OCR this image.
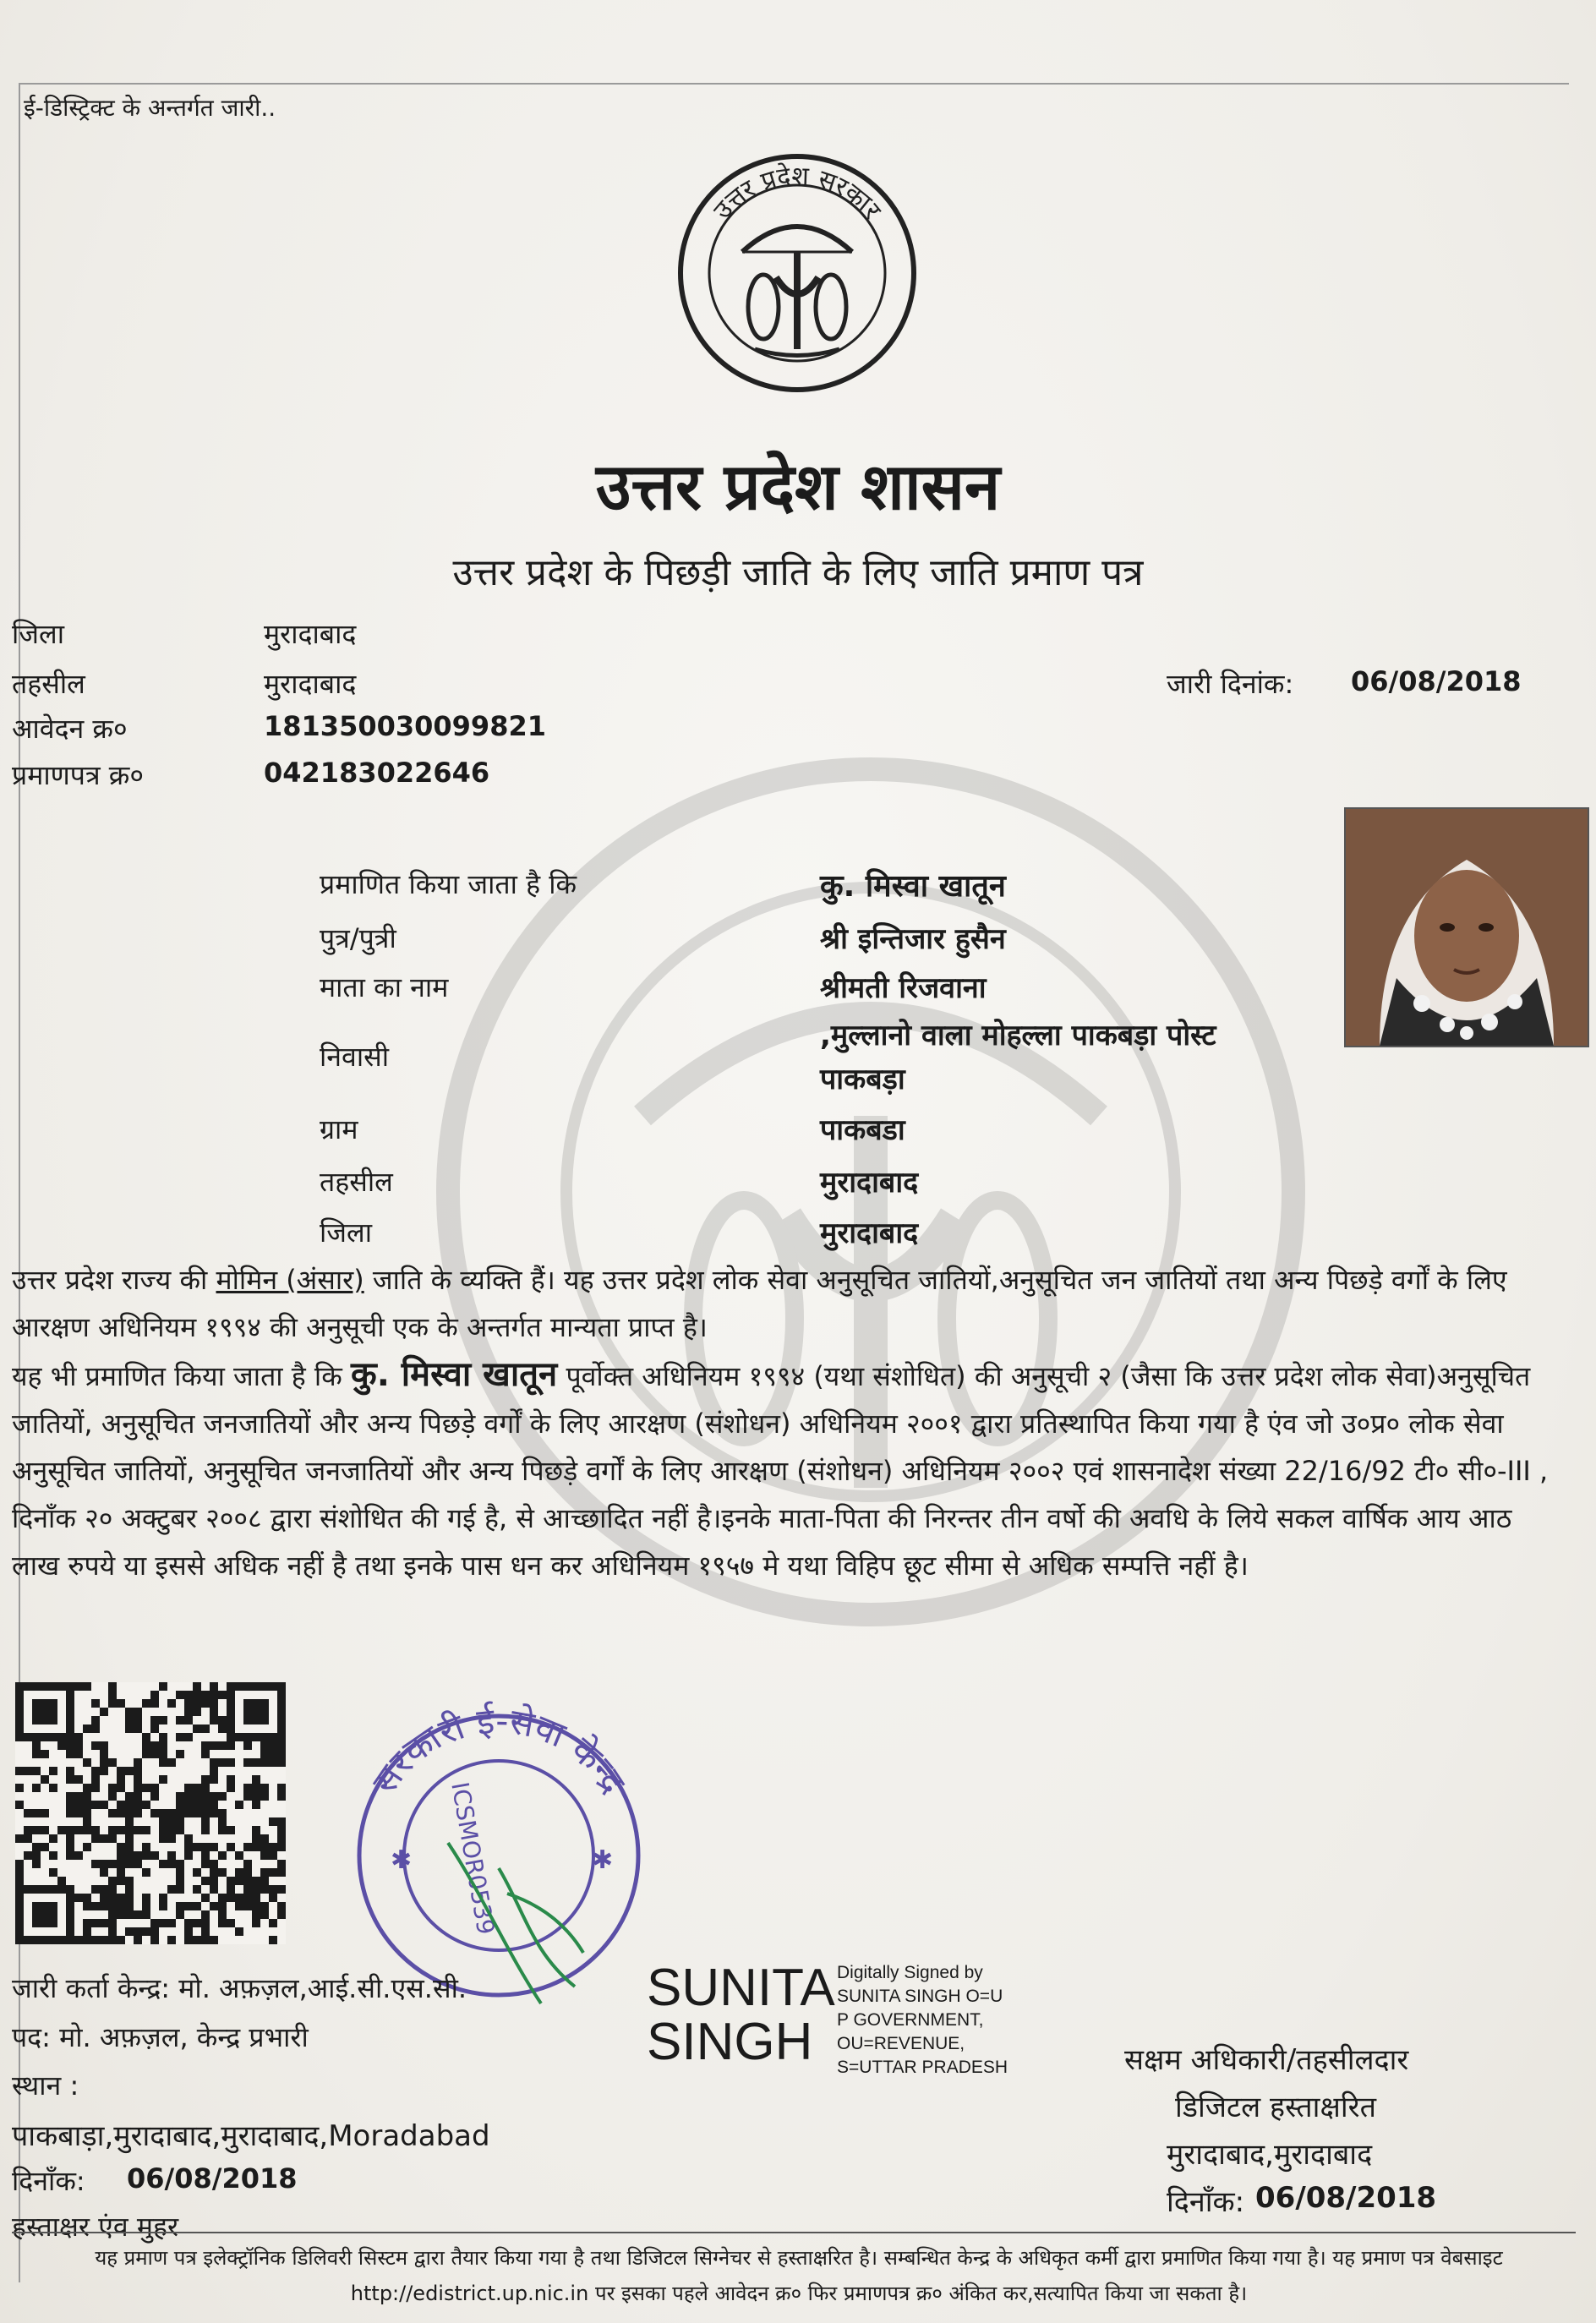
ई-डिस्ट्रिक्ट के अन्तर्गत जारी..
उत्तर प्रदेश सरकार
उत्तर प्रदेश शासन
उत्तर प्रदेश के पिछड़ी जाति के लिए जाति प्रमाण पत्र
जिला	मुरादाबाद
तहसील	मुरादाबाद
आवेदन क्र०	181350030099821
प्रमाणपत्र क्र०	042183022646
जारी दिनांक: 06/08/2018
प्रमाणित किया जाता है कि	कु. मिस्वा खातून
पुत्र/पुत्री	श्री इन्तिजार हुसैन
माता का नाम	श्रीमती रिजवाना
निवासी
,मुल्लानो वाला मोहल्ला पाकबड़ा पोस्ट
पाकबड़ा
ग्राम	पाकबडा
तहसील	मुरादाबाद
जिला	मुरादाबाद
उत्तर प्रदेश राज्य की मोमिन (अंसार) जाति के व्यक्ति हैं। यह उत्तर प्रदेश लोक सेवा अनुसूचित जातियों,अनुसूचित जन जातियों तथा अन्य पिछड़े वर्गों के लिए आरक्षण अधिनियम १९९४ की अनुसूची एक के अन्तर्गत मान्यता प्राप्त है।
यह भी प्रमाणित किया जाता है कि कु. मिस्वा खातून पूर्वोक्त अधिनियम १९९४ (यथा संशोधित) की अनुसूची २ (जैसा कि उत्तर प्रदेश लोक सेवा)अनुसूचित जातियों, अनुसूचित जनजातियों और अन्य पिछड़े वर्गों के लिए आरक्षण (संशोधन) अधिनियम २००१ द्वारा प्रतिस्थापित किया गया है एंव जो उ०प्र० लोक सेवा अनुसूचित जातियों, अनुसूचित जनजातियों और अन्य पिछड़े वर्गों के लिए आरक्षण (संशोधन) अधिनियम २००२ एवं शासनादेश संख्या 22/16/92 टी० सी०-III , दिनाँक २० अक्टुबर २००८ द्वारा संशोधित की गई है, से आच्छादित नहीं है।इनके माता-पिता की निरन्तर तीन वर्षो की अवधि के लिये सकल वार्षिक आय आठ लाख रुपये या इससे अधिक नहीं है तथा इनके पास धन कर अधिनियम १९५७ मे यथा विहिप छूट सीमा से अधिक सम्पत्ति नहीं है।
सरकारी ई-सेवा केन्द्र
ICSMOR0539
✱	✱
जारी कर्ता केन्द्र: मो. अफ़ज़ल,आई.सी.एस.सी.
पद: मो. अफ़ज़ल, केन्द्र प्रभारी
स्थान :
पाकबाड़ा,मुरादाबाद,मुरादाबाद,Moradabad
दिनाँक: 06/08/2018
हस्ताक्षर एंव मुहर
SUNITA
SINGH
Digitally Signed by
SUNITA SINGH O=U
P GOVERNMENT,
OU=REVENUE,
S=UTTAR PRADESH	सक्षम अधिकारी/तहसीलदार
डिजिटल हस्ताक्षरित
मुरादाबाद,मुरादाबाद
दिनाँक: 06/08/2018
यह प्रमाण पत्र इलेक्ट्रॉनिक डिलिवरी सिस्टम द्वारा तैयार किया गया है तथा डिजिटल सिग्नेचर से हस्ताक्षरित है। सम्बन्धित केन्द्र के अधिकृत कर्मी द्वारा प्रमाणित किया गया है। यह प्रमाण पत्र वेबसाइट http://edistrict.up.nic.in पर इसका पहले आवेदन क्र० फिर प्रमाणपत्र क्र० अंकित कर,सत्यापित किया जा सकता है।
